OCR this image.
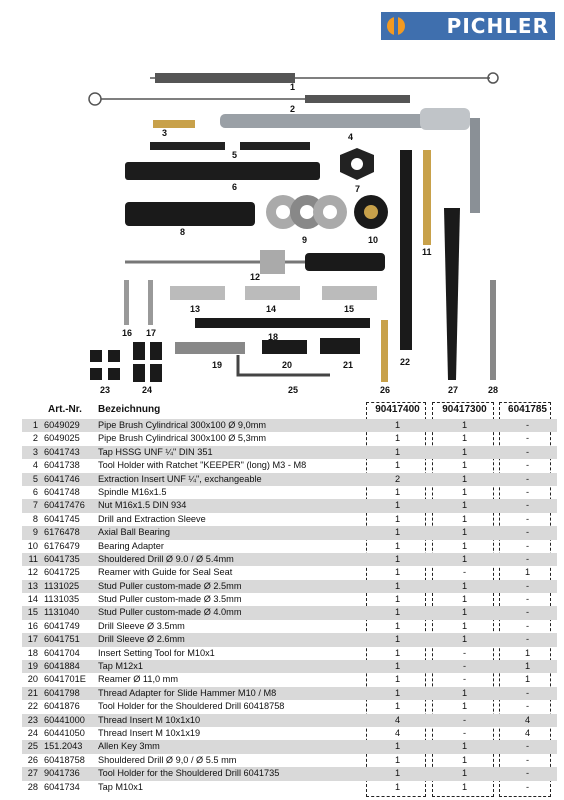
PICHLER
1
2
3	4
5
6	7
8
9	10
11
12
13	14	15
16 17	18
19	20	21	22
23	24	25	26	27	28
Art.-Nr. Bezeichnung	90417400	90417300	6041785
1 6049029 Pipe Brush Cylindrical 300x100 Ø 9,0mm	1	1	-
2 6049025 Pipe Brush Cylindrical 300x100 Ø 5,3mm	1	1	-
3 6041743 Tap HSSG UNF ¼" DIN 351	1	1	-
4 6041738 Tool Holder with Ratchet "KEEPER" (long) M3 - M8	1	1	-
5 6041746 Extraction Insert UNF ¼", exchangeable	2	1	-
6 6041748 Spindle M16x1.5	1	1	-
7 60417476 Nut M16x1.5 DIN 934	1	1	-
8 6041745 Drill and Extraction Sleeve	1	1	-
9 6176478 Axial Ball Bearing	1	1	-
10 6176479 Bearing Adapter	1	1	-
11 6041735 Shouldered Drill Ø 9.0 / Ø 5.4mm	1	1	-
12 6041725 Reamer with Guide for Seal Seat	1	-	1
13 1131025 Stud Puller custom-made Ø 2.5mm	1	1	-
14 1131035 Stud Puller custom-made Ø 3.5mm	1	1	-
15 1131040 Stud Puller custom-made Ø 4.0mm	1	1	-
16 6041749 Drill Sleeve Ø 3.5mm	1	1	-
17 6041751 Drill Sleeve Ø 2.6mm	1	1	-
18 6041704 Insert Setting Tool for M10x1	1	-	1
19 6041884 Tap M12x1	1	-	1
20 6041701E Reamer Ø 11,0 mm	1	-	1
21 6041798 Thread Adapter for Slide Hammer M10 / M8	1	1	-
22 6041876 Tool Holder for the Shouldered Drill 60418758	1	1	-
23 60441000 Thread Insert M 10x1x10	4	-	4
24 60441050 Thread Insert M 10x1x19	4	-	4
25 151.2043 Allen Key 3mm	1	1	-
26 60418758 Shouldered Drill Ø 9,0 / Ø 5.5 mm	1	1	-
27 9041736 Tool Holder for the Shouldered Drill 6041735	1	1	-
28 6041734 Tap M10x1	1	1	-
